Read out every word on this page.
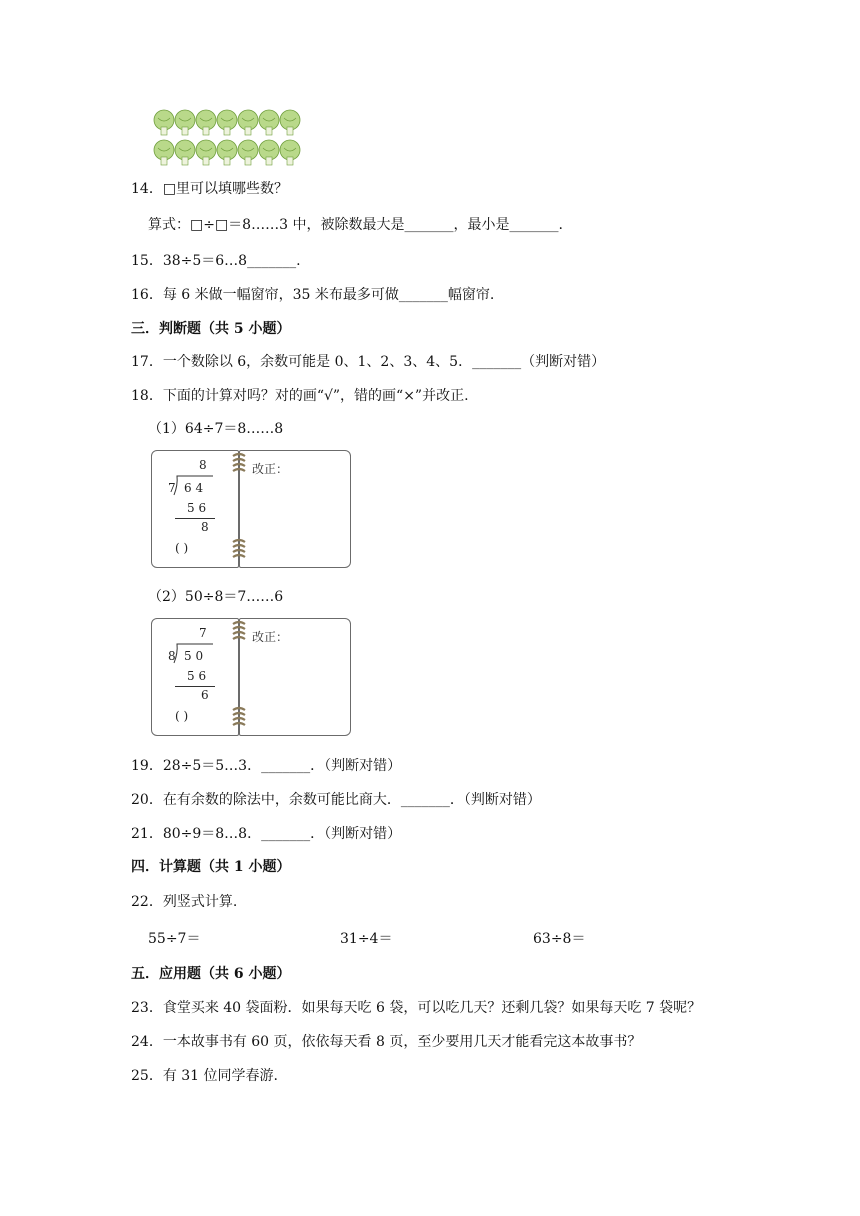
14．□里可以填哪些数？
算式：□÷□＝8……3 中，被除数最大是_______，最小是_______.
15．38÷5＝6…8_______.
16．每 6 米做一幅窗帘，35 米布最多可做_______幅窗帘.
三．判断题（共 5 小题）
17．一个数除以 6，余数可能是 0、1、2、3、4、5．_______（判断对错）
18．下面的计算对吗？对的画“√”，错的画“×”并改正.
（1）64÷7＝8……8
改正：
8
7 6 4
5 6
8
( )
（2）50÷8＝7……6
改正：
7
8 5 0
5 6
6
( )
19．28÷5＝5…3．_______．（判断对错）
20．在有余数的除法中，余数可能比商大．_______．（判断对错）
21．80÷9＝8…8．_______．（判断对错）
四．计算题（共 1 小题）
22．列竖式计算.
55÷7＝	31÷4＝	63÷8＝
五．应用题（共 6 小题）
23．食堂买来 40 袋面粉．如果每天吃 6 袋，可以吃几天？还剩几袋？如果每天吃 7 袋呢？
24．一本故事书有 60 页，依依每天看 8 页，至少要用几天才能看完这本故事书？
25．有 31 位同学春游.
